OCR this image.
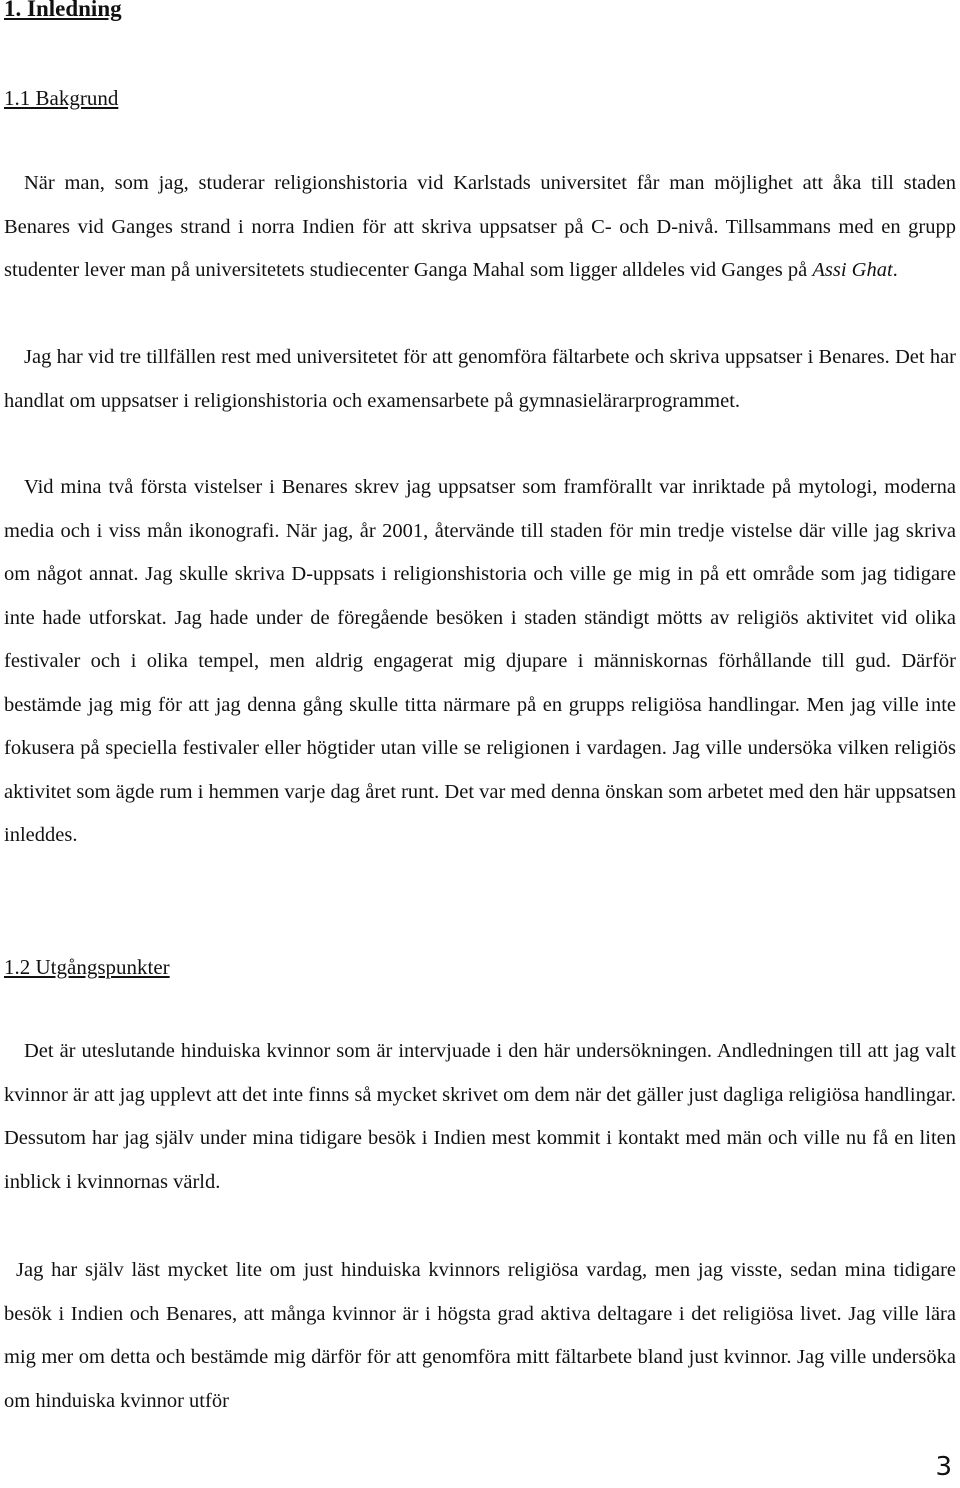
1. Inledning
1.1 Bakgrund

När man, som jag, studerar religionshistoria vid Karlstads universitet får man möjlighet att åka till staden Benares vid Ganges strand i norra Indien för att skriva uppsatser på C- och D-nivå. Tillsammans med en grupp studenter lever man på universitetets studiecenter Ganga Mahal som ligger alldeles vid Ganges på Assi Ghat.

Jag har vid tre tillfällen rest med universitetet för att genomföra fältarbete och skriva uppsatser i Benares. Det har handlat om uppsatser i religionshistoria och examensarbete på gymnasielärarprogrammet.

Vid mina två första vistelser i Benares skrev jag uppsatser som framförallt var inriktade på mytologi, moderna media och i viss mån ikonografi. När jag, år 2001, återvände till staden för min tredje vistelse där ville jag skriva om något annat. Jag skulle skriva D-uppsats i religionshistoria och ville ge mig in på ett område som jag tidigare inte hade utforskat. Jag hade under de föregående besöken i staden ständigt mötts av religiös aktivitet vid olika festivaler och i olika tempel, men aldrig engagerat mig djupare i människornas förhållande till gud. Därför bestämde jag mig för att jag denna gång skulle titta närmare på en grupps religiösa handlingar. Men jag ville inte fokusera på speciella festivaler eller högtider utan ville se religionen i vardagen. Jag ville undersöka vilken religiös aktivitet som ägde rum i hemmen varje dag året runt. Det var med denna önskan som arbetet med den här uppsatsen inleddes.

1.2 Utgångspunkter

Det är uteslutande hinduiska kvinnor som är intervjuade i den här undersökningen. Andledningen till att jag valt kvinnor är att jag upplevt att det inte finns så mycket skrivet om dem när det gäller just dagliga religiösa handlingar. Dessutom har jag själv under mina tidigare besök i Indien mest kommit i kontakt med män och ville nu få en liten inblick i kvinnornas värld.

Jag har själv läst mycket lite om just hinduiska kvinnors religiösa vardag, men jag visste, sedan mina tidigare besök i Indien och Benares, att många kvinnor är i högsta grad aktiva deltagare i det religiösa livet. Jag ville lära mig mer om detta och bestämde mig därför för att genomföra mitt fältarbete bland just kvinnor. Jag ville undersöka om hinduiska kvinnor utför

3
